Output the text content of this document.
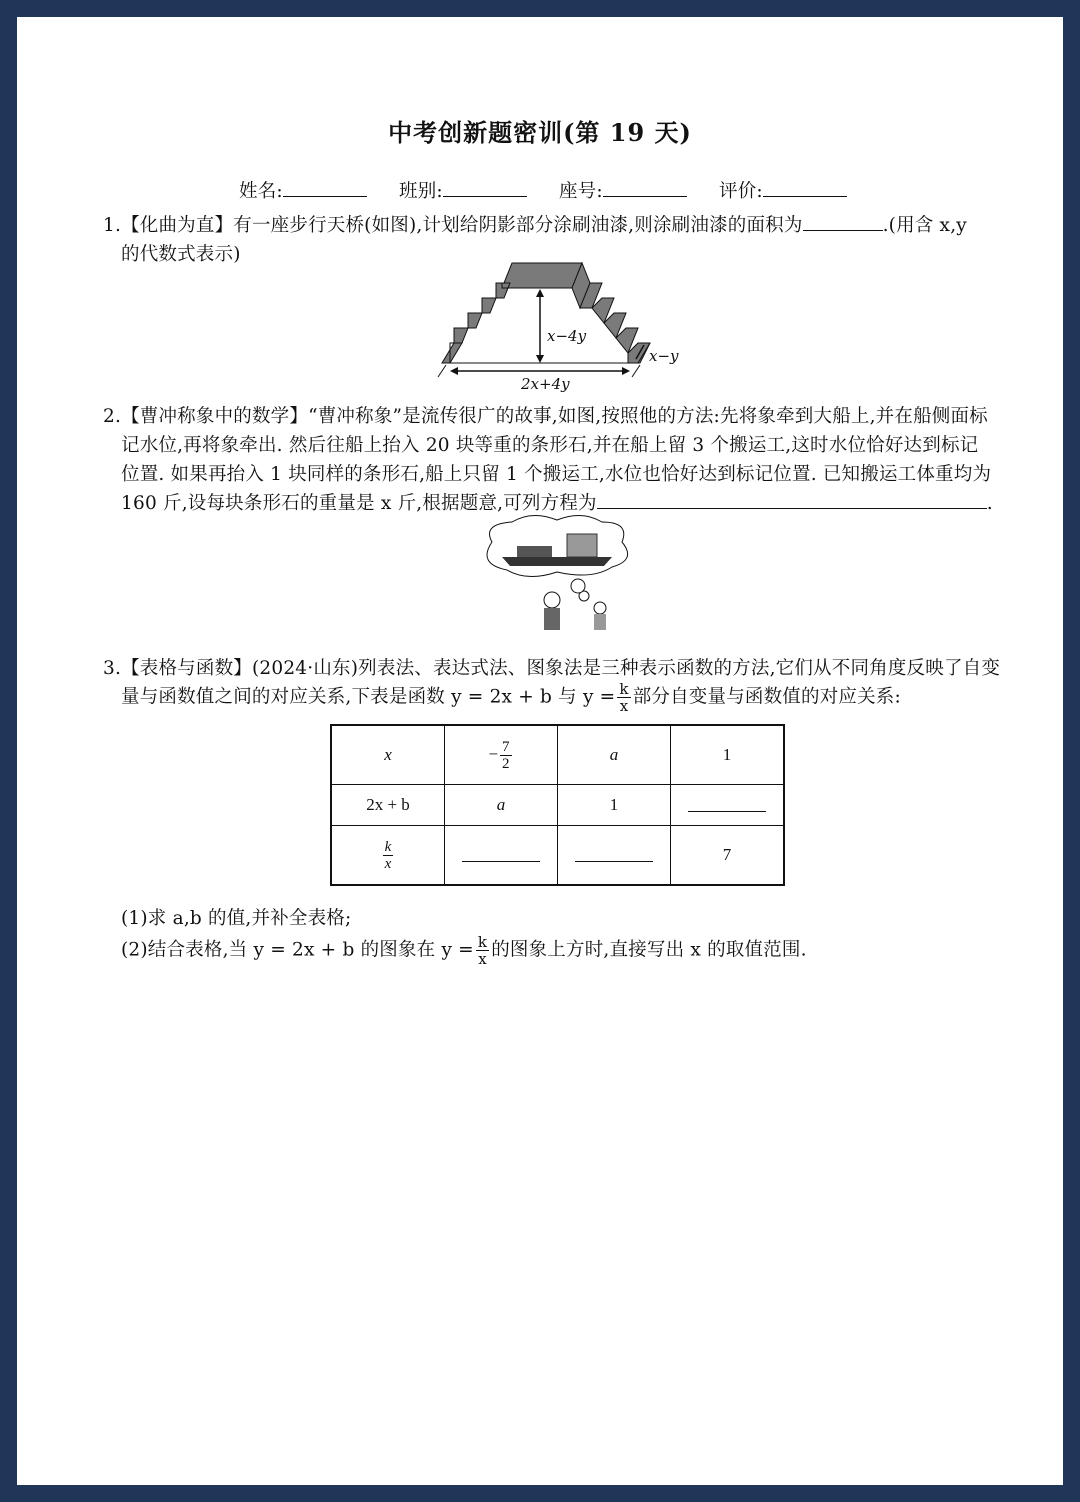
中考创新题密训(第 19 天)
姓名:	班别:	座号:	评价:
1.【化曲为直】有一座步行天桥(如图),计划给阴影部分涂刷油漆,则涂刷油漆的面积为	.(用含 x,y
的代数式表示)
x−4y
2x+4y
x−y
2.【曹冲称象中的数学】“曹冲称象”是流传很广的故事,如图,按照他的方法:先将象牵到大船上,并在船侧面标
记水位,再将象牵出. 然后往船上抬入 20 块等重的条形石,并在船上留 3 个搬运工,这时水位恰好达到标记
位置. 如果再抬入 1 块同样的条形石,船上只留 1 个搬运工,水位也恰好达到标记位置. 已知搬运工体重均为
160 斤,设每块条形石的重量是 x 斤,根据题意,可列方程为	.
3.【表格与函数】(2024·山东)列表法、表达式法、图象法是三种表示函数的方法,它们从不同角度反映了自变
量与函数值之间的对应关系,下表是函数 y = 2x + b 与 $y = \frac{k}{x}$ 部分自变量与函数值的对应关系:
x	− $\frac{7}{2}$	a	1
2x + b	a	1	

$\frac{k}{x}$			7
(1)求 a,b 的值,并补全表格;
(2)结合表格,当 y = 2x + b 的图象在 $y = \frac{k}{x}$ 的图象上方时,直接写出 x 的取值范围.
